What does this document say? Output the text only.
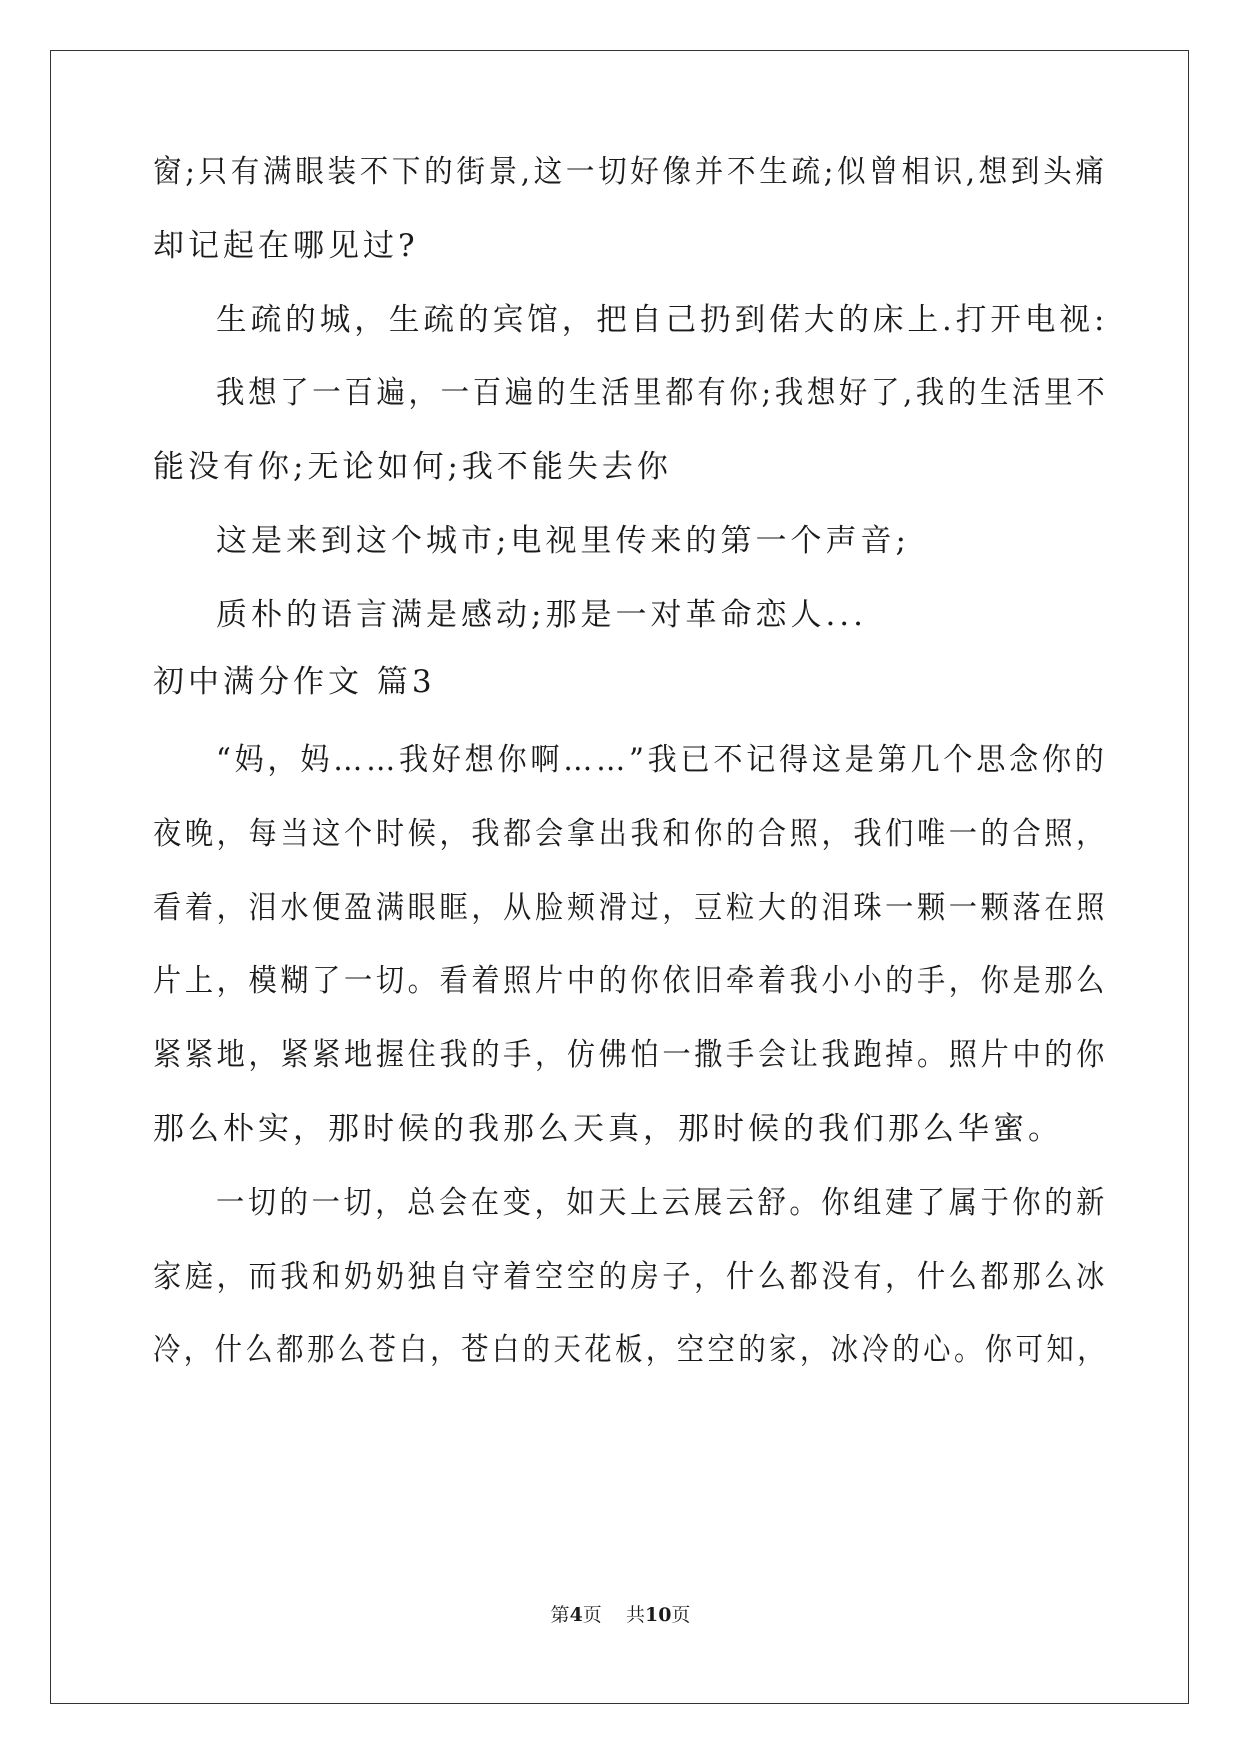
窗;只有满眼装不下的街景,这一切好像并不生疏;似曾相识,想到头痛
却记起在哪见过?
生疏的城，生疏的宾馆，把自己扔到偌大的床上.打开电视:
我想了一百遍，一百遍的生活里都有你;我想好了,我的生活里不
能没有你;无论如何;我不能失去你
这是来到这个城市;电视里传来的第一个声音;
质朴的语言满是感动;那是一对革命恋人...
初中满分作文 篇3
“妈，妈……我好想你啊……”我已不记得这是第几个思念你的
夜晚，每当这个时候，我都会拿出我和你的合照，我们唯一的合照，
看着，泪水便盈满眼眶，从脸颊滑过，豆粒大的泪珠一颗一颗落在照
片上，模糊了一切。看着照片中的你依旧牵着我小小的手，你是那么
紧紧地，紧紧地握住我的手，仿佛怕一撒手会让我跑掉。照片中的你
那么朴实，那时候的我那么天真，那时候的我们那么华蜜。
一切的一切，总会在变，如天上云展云舒。你组建了属于你的新
家庭，而我和奶奶独自守着空空的房子，什么都没有，什么都那么冰
冷，什么都那么苍白，苍白的天花板，空空的家，冰冷的心。你可知，
第4页    共10页
